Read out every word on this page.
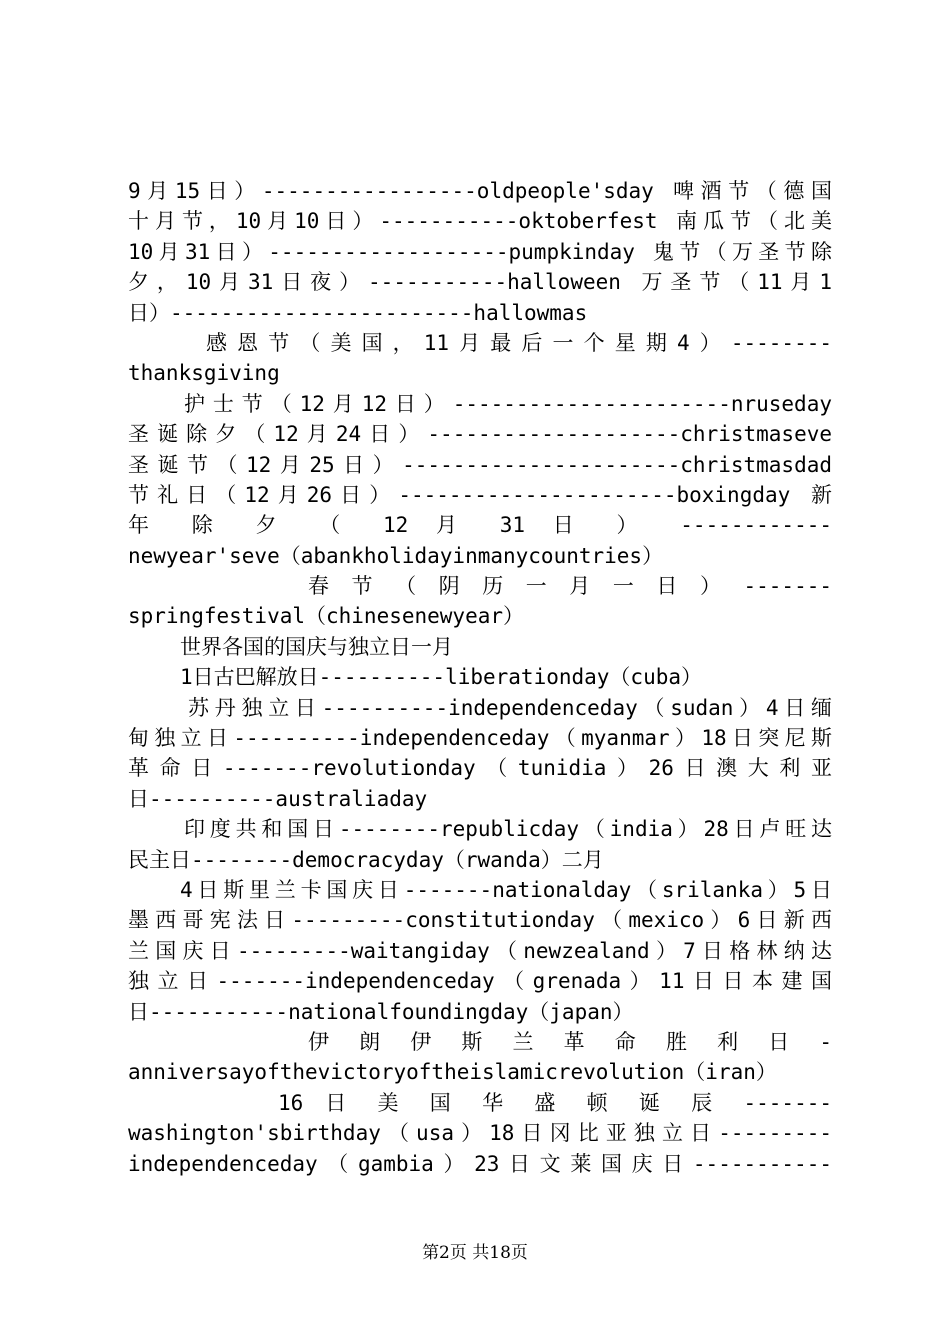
9月15日）-----------------oldpeople'sday 啤酒节（德国
十月节，10月10日）-----------oktoberfest 南瓜节（北美
10月31日）-------------------pumpkinday 鬼节（万圣节除
夕，10月31日夜）-----------halloween 万圣节（11月1
日）------------------------hallowmas
感恩节（美国，11月最后一个星期4）--------
thanksgiving
护士节（12月12日）----------------------nruseday
圣诞除夕（12月24日）--------------------christmaseve
圣诞节（12月25日）----------------------christmasdad
节礼日（12月26日）----------------------boxingday 新
年 除 夕 （ 12 月 31 日 ） ------------
newyear'seve（abankholidayinmanycountries）
春 节 （ 阴 历 一 月 一 日 ） -------
springfestival（chinesenewyear）
世界各国的国庆与独立日一月
1日古巴解放日----------liberationday（cuba）
苏丹独立日----------independenceday（sudan）4日缅
甸独立日----------independenceday（myanmar）18日突尼斯
革命日-------revolutionday（tunidia）26日澳大利亚
日----------australiaday
印度共和国日--------republicday（india）28日卢旺达
民主日--------democracyday（rwanda）二月
4日斯里兰卡国庆日-------nationalday（srilanka）5日
墨西哥宪法日---------constitutionday（mexico）6日新西
兰国庆日---------waitangiday（newzealand）7日格林纳达
独立日-------independenceday（grenada）11日日本建国
日-----------nationalfoundingday（japan）
伊 朗 伊 斯 兰 革 命 胜 利 日 -
anniversayofthevictoryoftheislamicrevolution（iran）
16 日 美 国 华 盛 顿 诞 辰 -------
washington'sbirthday（usa）18日冈比亚独立日---------
independenceday（gambia）23日文莱国庆日-----------
第2页 共18页
